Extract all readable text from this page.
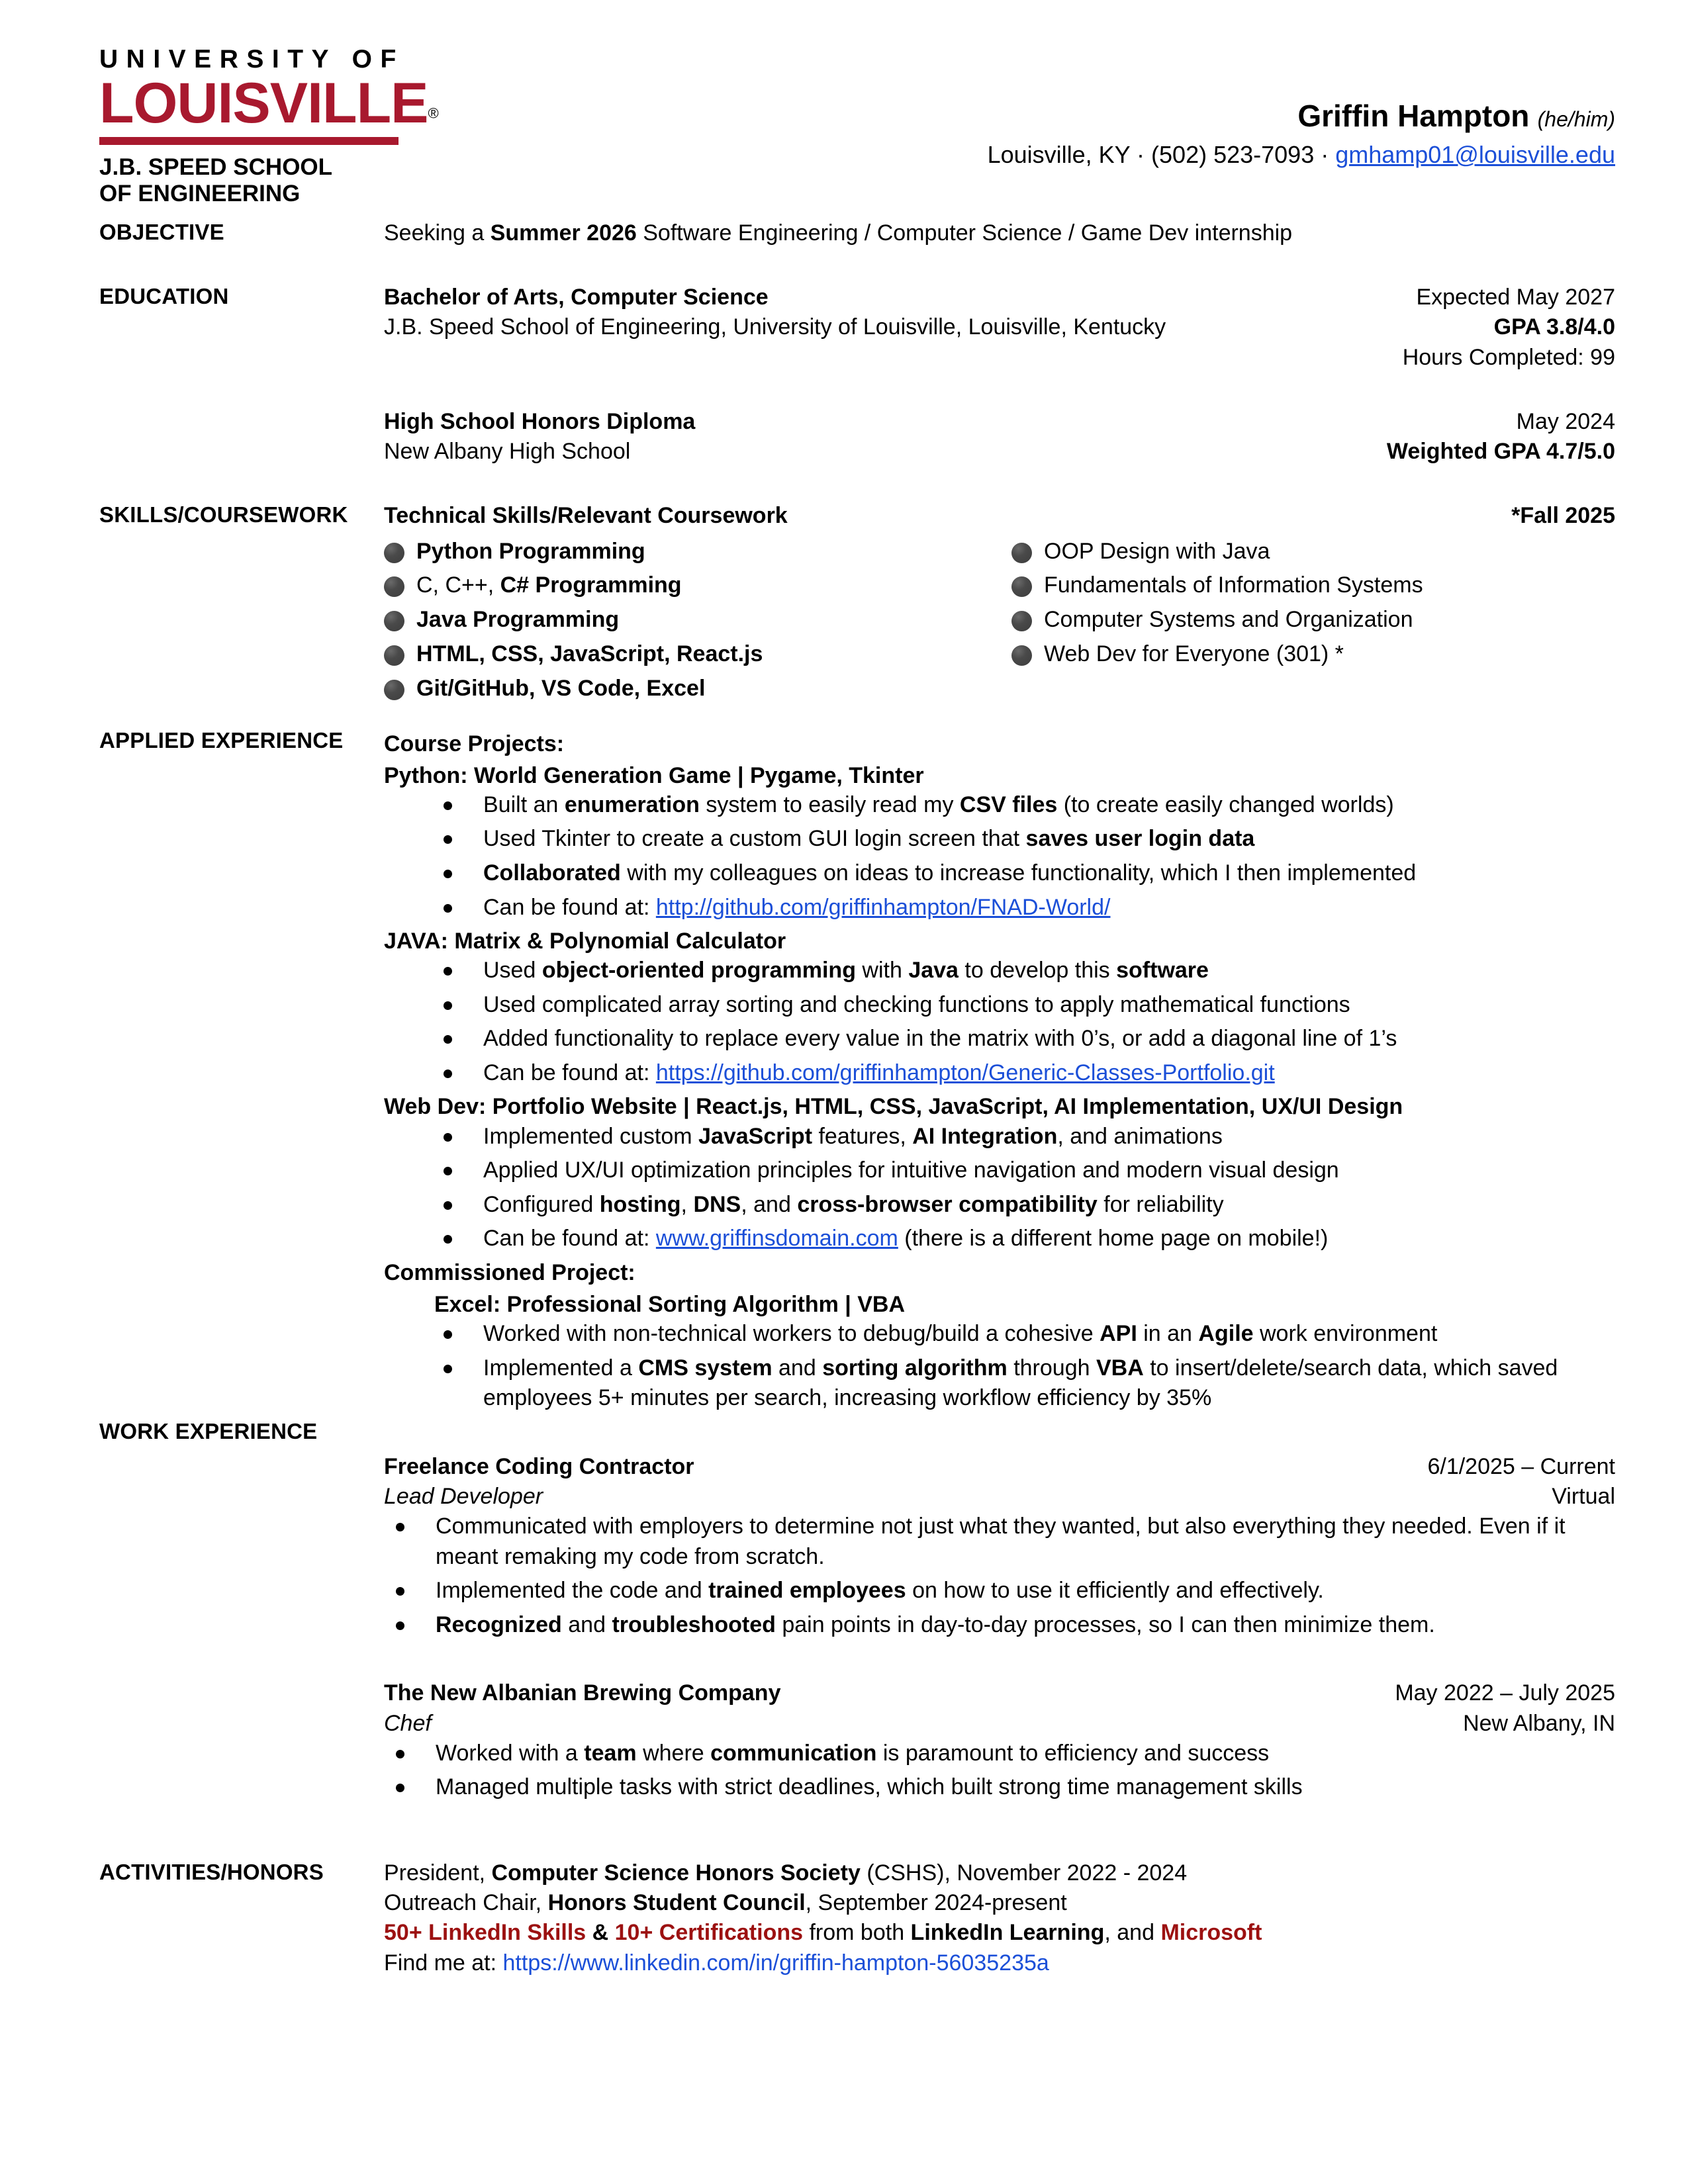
UNIVERSITY OF
LOUISVILLE®
J.B. SPEED SCHOOL
OF ENGINEERING
Griffin Hampton (he/him)
Louisville, KY · (502) 523-7093 · gmhamp01@louisville.edu
OBJECTIVE	Seeking a Summer 2026 Software Engineering / Computer Science / Game Dev internship
EDUCATION	Bachelor of Arts, Computer Science	Expected May 2027
J.B. Speed School of Engineering, University of Louisville, Louisville, Kentucky	GPA 3.8/4.0
Hours Completed: 99
High School Honors Diploma	May 2024
New Albany High School	Weighted GPA 4.7/5.0
SKILLS/COURSEWORK	Technical Skills/Relevant Coursework	*Fall 2025
Python Programming
C, C++, C# Programming
Java Programming
HTML, CSS, JavaScript, React.js
Git/GitHub, VS Code, Excel
OOP Design with Java
Fundamentals of Information Systems
Computer Systems and Organization
Web Dev for Everyone (301) *
APPLIED EXPERIENCE	Course Projects:
Python: World Generation Game | Pygame, Tkinter
Built an enumeration system to easily read my CSV files (to create easily changed worlds)
Used Tkinter to create a custom GUI login screen that saves user login data
Collaborated with my colleagues on ideas to increase functionality, which I then implemented
Can be found at: http://github.com/griffinhampton/FNAD-World/
JAVA: Matrix & Polynomial Calculator
Used object-oriented programming with Java to develop this software
Used complicated array sorting and checking functions to apply mathematical functions
Added functionality to replace every value in the matrix with 0’s, or add a diagonal line of 1’s
Can be found at: https://github.com/griffinhampton/Generic-Classes-Portfolio.git
Web Dev: Portfolio Website | React.js, HTML, CSS, JavaScript, AI Implementation, UX/UI Design
Implemented custom JavaScript features, AI Integration, and animations
Applied UX/UI optimization principles for intuitive navigation and modern visual design
Configured hosting, DNS, and cross-browser compatibility for reliability
Can be found at: www.griffinsdomain.com (there is a different home page on mobile!)
Commissioned Project:
Excel: Professional Sorting Algorithm | VBA
Worked with non-technical workers to debug/build a cohesive API in an Agile work environment
Implemented a CMS system and sorting algorithm through VBA to insert/delete/search data, which saved employees 5+ minutes per search, increasing workflow efficiency by 35%
WORK EXPERIENCE
Freelance Coding Contractor	6/1/2025 – Current
Lead Developer	Virtual
Communicated with employers to determine not just what they wanted, but also everything they needed. Even if it meant remaking my code from scratch.
Implemented the code and trained employees on how to use it efficiently and effectively.
Recognized and troubleshooted pain points in day-to-day processes, so I can then minimize them.
The New Albanian Brewing Company	May 2022 – July 2025
Chef	New Albany, IN
Worked with a team where communication is paramount to efficiency and success
Managed multiple tasks with strict deadlines, which built strong time management skills
ACTIVITIES/HONORS	President, Computer Science Honors Society (CSHS), November 2022 - 2024
Outreach Chair, Honors Student Council, September 2024-present
50+ LinkedIn Skills & 10+ Certifications from both LinkedIn Learning, and Microsoft
Find me at: https://www.linkedin.com/in/griffin-hampton-56035235a
